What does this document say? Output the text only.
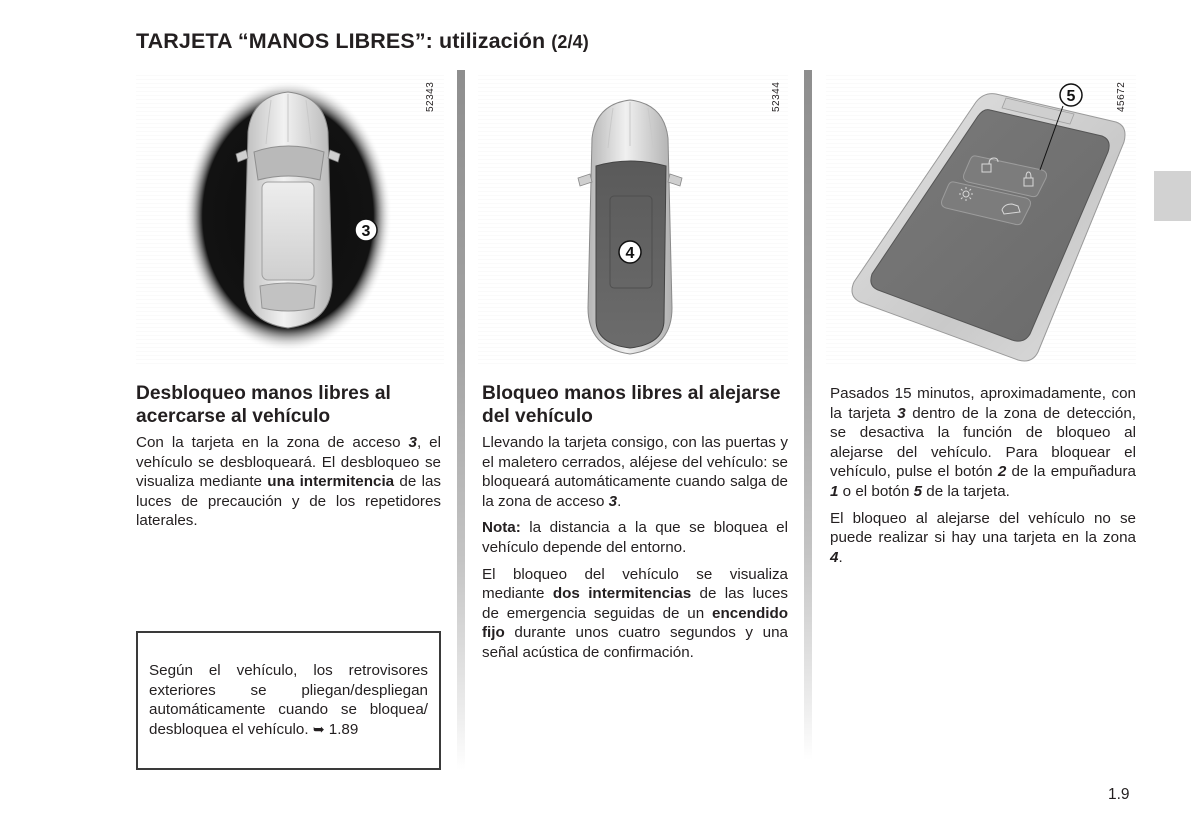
TARJETA “MANOS LIBRES”: utilización (2/4)
3
52343
4
52344	5	45672
Desbloqueo manos libres al acercarse al vehículo

Con la tarjeta en la zona de acceso 3, el vehículo se desbloqueará. El desbloqueo se visualiza mediante una intermitencia de las luces de precaución y de los repetidores laterales.

Según el vehículo, los retrovisores exteriores se pliegan/despliegan automáticamente cuando se bloquea/ desbloquea el vehículo. ➥ 1.89
Bloqueo manos libres al alejarse del vehículo

Llevando la tarjeta consigo, con las puertas y el maletero cerrados, aléjese del vehículo: se bloqueará automáticamente cuando salga de la zona de acceso 3.

Nota: la distancia a la que se bloquea el vehículo depende del entorno.

El bloqueo del vehículo se visualiza mediante dos intermitencias de las luces de emergencia seguidas de un encendido fijo durante unos cuatro segundos y una señal acústica de confirmación.

Pasados 15 minutos, aproximadamente, con la tarjeta 3 dentro de la zona de detección, se desactiva la función de bloqueo al alejarse del vehículo. Para bloquear el vehículo, pulse el botón 2 de la empuñadura 1 o el botón 5 de la tarjeta.

El bloqueo al alejarse del vehículo no se puede realizar si hay una tarjeta en la zona 4.

1.9
